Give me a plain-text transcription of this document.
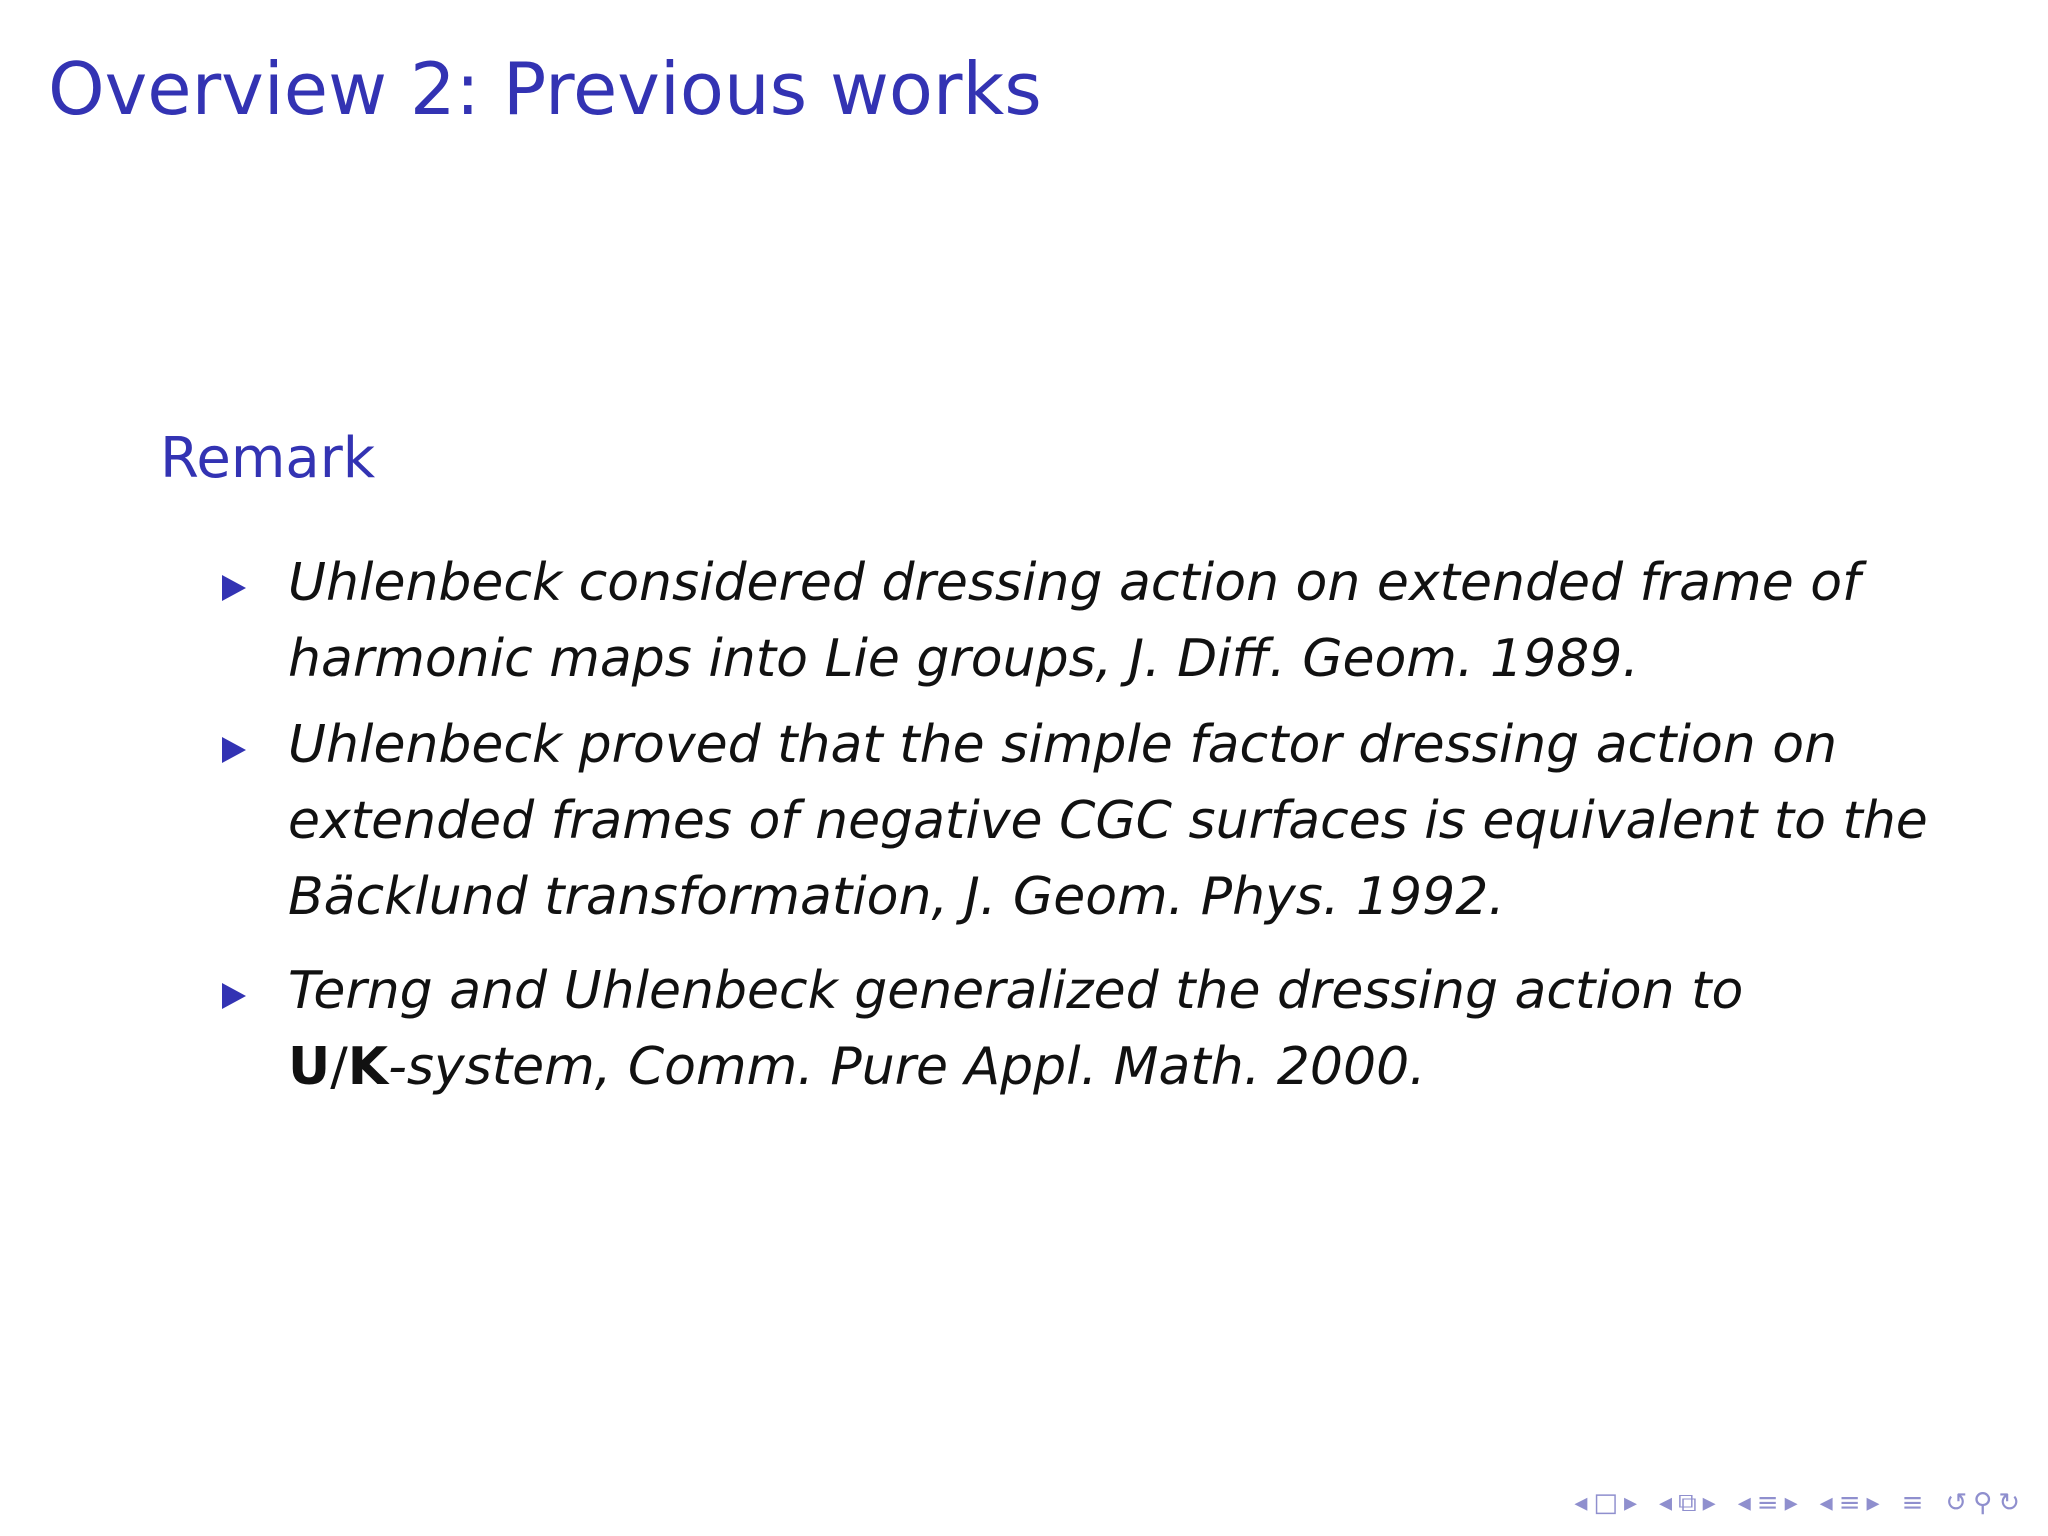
Overview 2: Previous works
Remark

Uhlenbeck considered dressing action on extended frame of
harmonic maps into Lie groups, J. Diff. Geom. 1989.

Uhlenbeck proved that the simple factor dressing action on
extended frames of negative CGC surfaces is equivalent to the
Bäcklund transformation, J. Geom. Phys. 1992.

Terng and Uhlenbeck generalized the dressing action to
U/K-system, Comm. Pure Appl. Math. 2000.

◂ □ ▸ ◂ ⧉ ▸ ◂ ≡ ▸ ◂ ≡ ▸ ≡ ↺ ⚲ ↻
